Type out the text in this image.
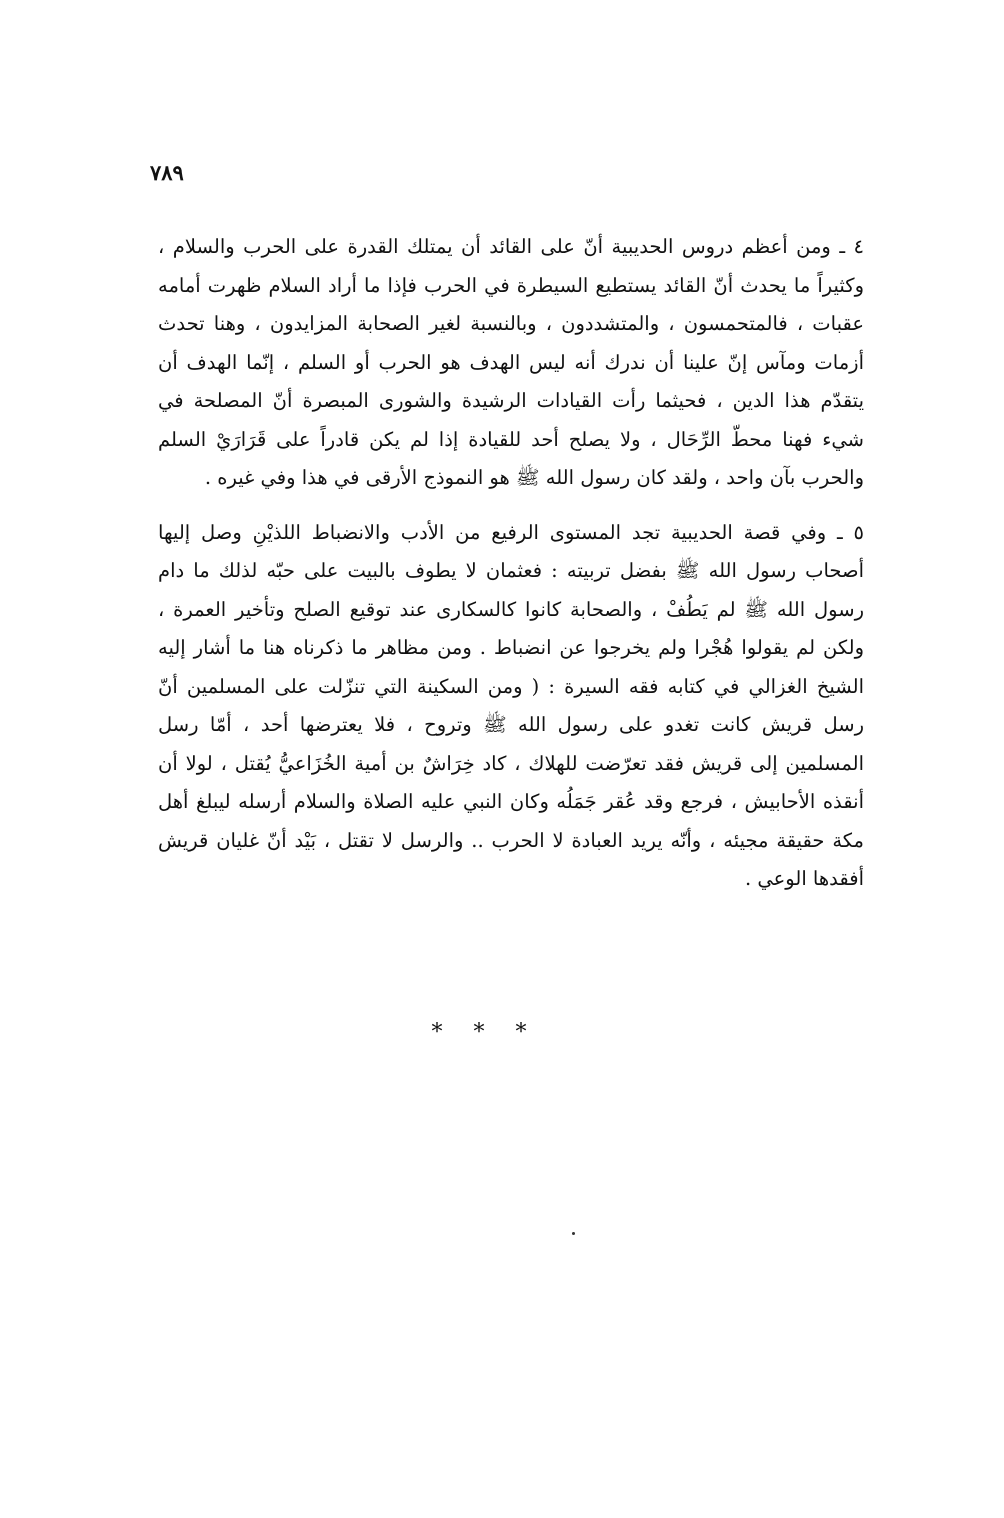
٧٨٩

٤ ـ ومن أعظم دروس الحديبية أنّ على القائد أن يمتلك القدرة على الحرب والسلام ، وكثيراً ما يحدث أنّ القائد يستطيع السيطرة في الحرب فإذا ما أراد السلام ظهرت أمامه عقبات ، فالمتحمسون ، والمتشددون ، وبالنسبة لغير الصحابة المزايدون ، وهنا تحدث أزمات ومآس إنّ علينا أن ندرك أنه ليس الهدف هو الحرب أو السلم ، إنّما الهدف أن يتقدّم هذا الدين ، فحيثما رأت القيادات الرشيدة والشورى المبصرة أنّ المصلحة في شيء فهنا محطّ الرِّحَال ، ولا يصلح أحد للقيادة إذا لم يكن قادراً على قَرَارَيْ السلم والحرب بآن واحد ، ولقد كان رسول الله ﷺ هو النموذج الأرقى في هذا وفي غيره .

٥ ـ وفي قصة الحديبية تجد المستوى الرفيع من الأدب والانضباط اللذيْنِ وصل إليها أصحاب رسول الله ﷺ بفضل تربيته : فعثمان لا يطوف بالبيت على حبّه لذلك ما دام رسول الله ﷺ لم يَطُفْ ، والصحابة كانوا كالسكارى عند توقيع الصلح وتأخير العمرة ، ولكن لم يقولوا هُجْرا ولم يخرجوا عن انضباط . ومن مظاهر ما ذكرناه هنا ما أشار إليه الشيخ الغزالي في كتابه فقه السيرة : ( ومن السكينة التي تنزّلت على المسلمين أنّ رسل قريش كانت تغدو على رسول الله ﷺ وتروح ، فلا يعترضها أحد ، أمّا رسل المسلمين إلى قريش فقد تعرّضت للهلاك ، كاد خِرَاشٌ بن أمية الخُزَاعيُّ يُقتل ، لولا أن أنقذه الأحابيش ، فرجع وقد عُقر جَمَلُه وكان النبي عليه الصلاة والسلام أرسله ليبلغ أهل مكة حقيقة مجيئه ، وأنّه يريد العبادة لا الحرب .. والرسل لا تقتل ، بَيْد أنّ غليان قريش أفقدها الوعي .

* * *
